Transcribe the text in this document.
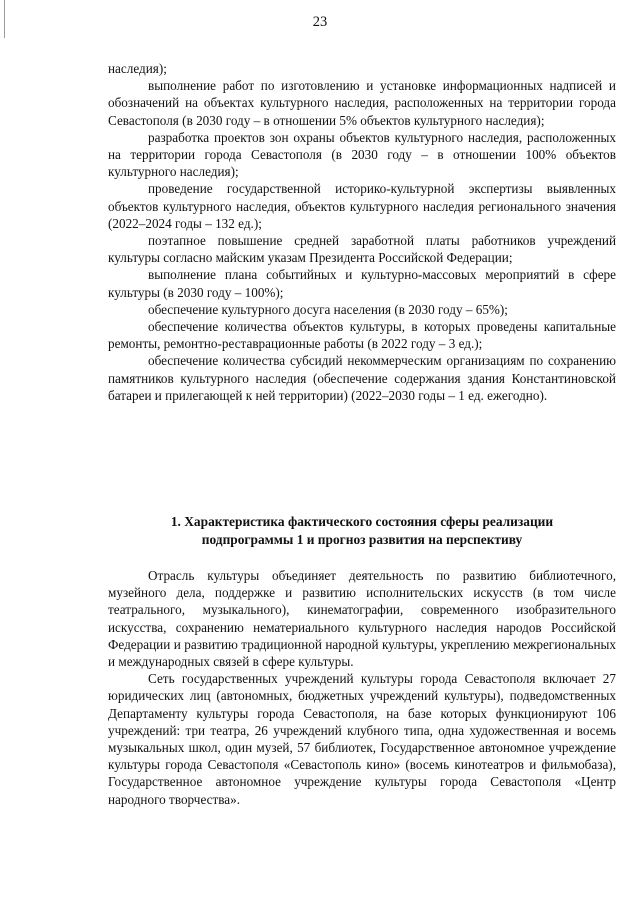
23

наследия);

выполнение работ по изготовлению и установке информационных надписей и обозначений на объектах культурного наследия, расположенных на территории города Севастополя (в 2030 году – в отношении 5% объектов культурного наследия);

разработка проектов зон охраны объектов культурного наследия, расположенных на территории города Севастополя (в 2030 году – в отношении 100% объектов культурного наследия);

проведение государственной историко-культурной экспертизы выявленных объектов культурного наследия, объектов культурного наследия регионального значения (2022–2024 годы – 132 ед.);

поэтапное повышение средней заработной платы работников учреждений культуры согласно майским указам Президента Российской Федерации;

выполнение плана событийных и культурно-массовых мероприятий в сфере культуры (в 2030 году – 100%);

обеспечение культурного досуга населения (в 2030 году – 65%);

обеспечение количества объектов культуры, в которых проведены капитальные ремонты, ремонтно-реставрационные работы (в 2022 году – 3 ед.);

обеспечение количества субсидий некоммерческим организациям по сохранению памятников культурного наследия (обеспечение содержания здания Константиновской батареи и прилегающей к ней территории) (2022–2030 годы – 1 ед. ежегодно).

1. Характеристика фактического состояния сферы реализации
подпрограммы 1 и прогноз развития на перспективу

Отрасль культуры объединяет деятельность по развитию библиотечного, музейного дела, поддержке и развитию исполнительских искусств (в том числе театрального, музыкального), кинематографии, современного изобразительного искусства, сохранению нематериального культурного наследия народов Российской Федерации и развитию традиционной народной культуры, укреплению межрегиональных и международных связей в сфере культуры.

Сеть государственных учреждений культуры города Севастополя включает 27 юридических лиц (автономных, бюджетных учреждений культуры), подведомственных Департаменту культуры города Севастополя, на базе которых функционируют 106 учреждений: три театра, 26 учреждений клубного типа, одна художественная и восемь музыкальных школ, один музей, 57 библиотек, Государственное автономное учреждение культуры города Севастополя «Севастополь кино» (восемь кинотеатров и фильмобаза), Государственное автономное учреждение культуры города Севастополя «Центр народного творчества».
